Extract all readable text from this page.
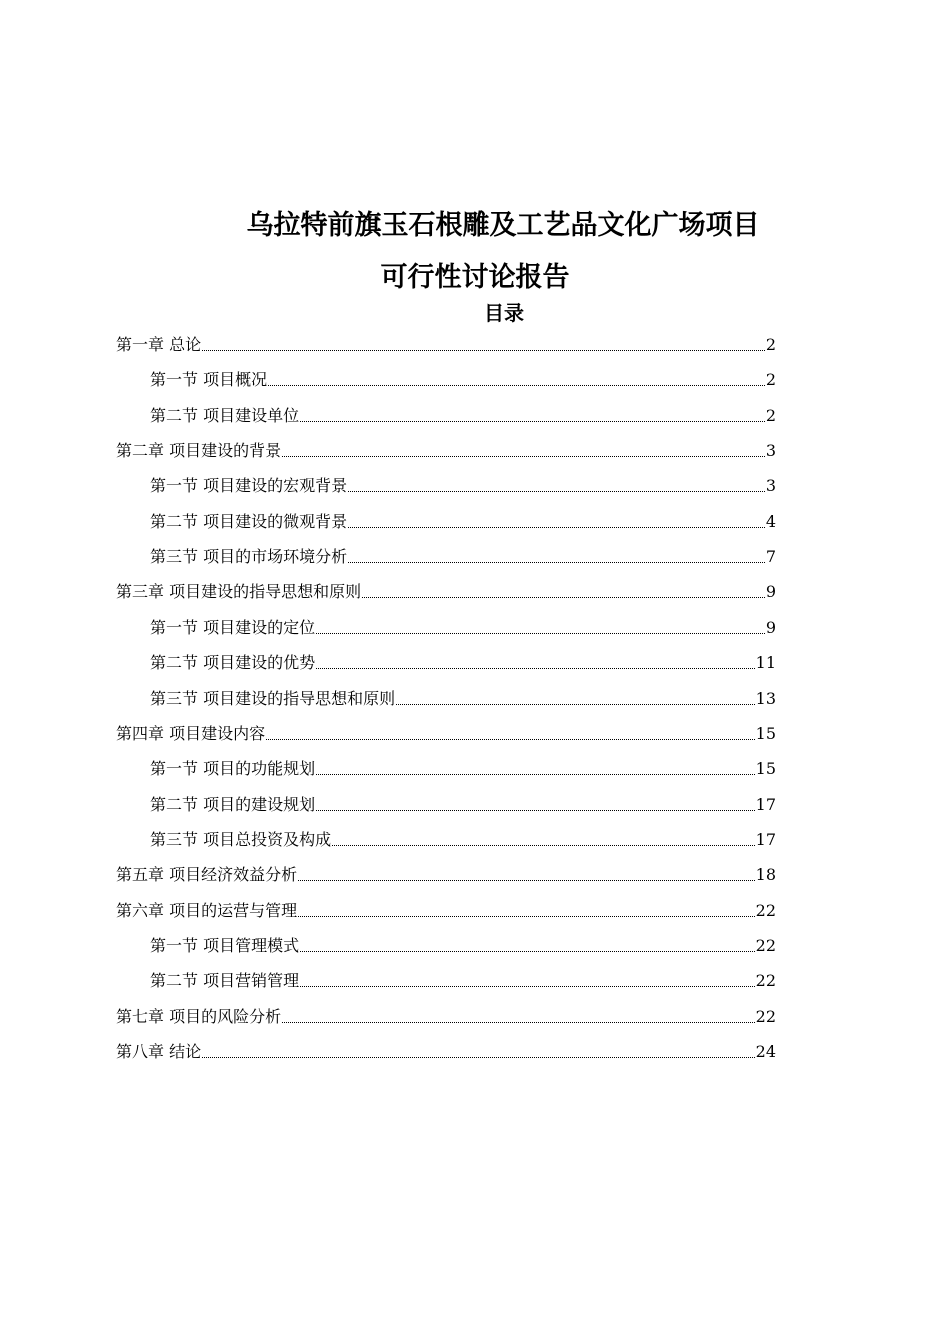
乌拉特前旗玉石根雕及工艺品文化广场项目
可行性讨论报告
目录
第一章 总论	2
第一节 项目概况	2
第二节 项目建设单位	2
第二章 项目建设的背景	3
第一节 项目建设的宏观背景	3
第二节 项目建设的微观背景	4
第三节 项目的市场环境分析	7
第三章 项目建设的指导思想和原则	9
第一节 项目建设的定位	9
第二节 项目建设的优势	11
第三节 项目建设的指导思想和原则	13
第四章 项目建设内容	15
第一节 项目的功能规划	15
第二节 项目的建设规划	17
第三节 项目总投资及构成	17
第五章 项目经济效益分析	18
第六章 项目的运营与管理	22
第一节 项目管理模式	22
第二节 项目营销管理	22
第七章 项目的风险分析	22
第八章 结论	24
